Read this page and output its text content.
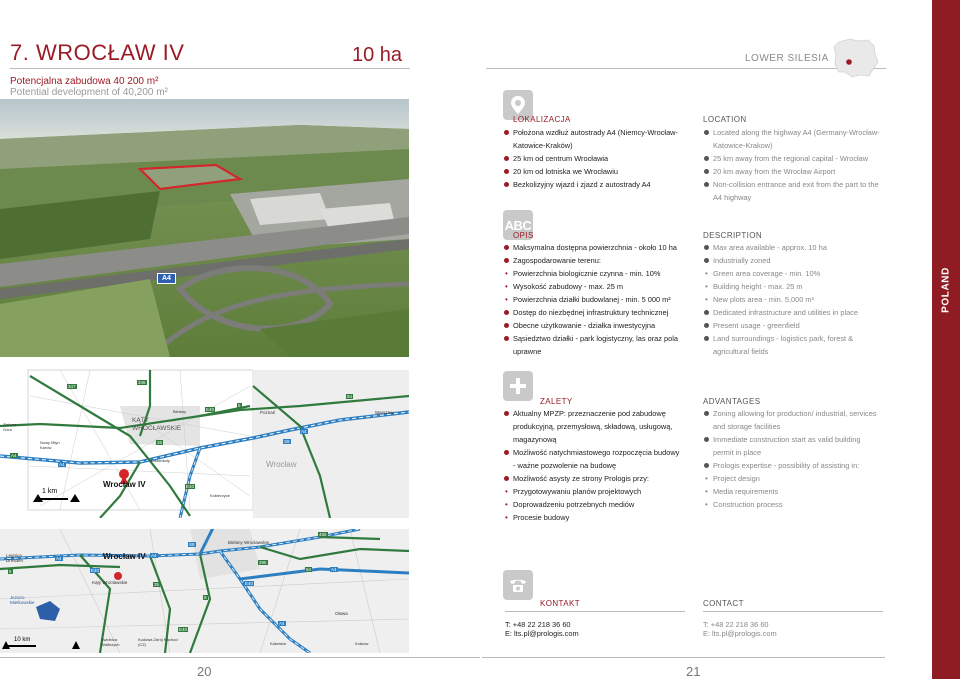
7. WROCŁAW IV	10 ha	LOWER SILESIA
Potencjalna zabudowa 40 200 m²
Potential development of 40,200 m²
POLAND
A4
ABC
LOKALIZACJA	LOCATION
Położona wzdłuż autostrady A4 (Niemcy-Wrocław-
Katowice-Kraków)
25 km od centrum Wrocławia
20 km od lotniska we Wrocławiu
Bezkolizyjny wjazd i zjazd z autostrady A4
Located along the highway A4 (Germany-Wrocław-
Katowice-Krakow)
25 km away from the regional capital - Wrocław
20 km away from the Wrocław Airport
Non-collision entrance and exit from the part to the
A4 highway
OPIS	DESCRIPTION
Maksymalna dostępna powierzchnia - około 10 ha
Zagospodarowanie terenu:
• Powierzchnia biologicznie czynna - min. 10%
• Wysokość zabudowy - max. 25 m
• Powierzchnia działki budowlanej - min. 5 000 m²
Dostęp do niezbędnej infrastruktury technicznej
Obecne użytkowanie - działka inwestycyjna
Sąsiedztwo działki - park logistyczny, las oraz pola
uprawne
Max area available - approx. 10 ha
Industrially zoned
• Green area coverage - min. 10%
• Building height - max. 25 m
• New plots area - min. 5,000 m²
Dedicated infrastructure and utilities in place
Present usage - greenfield
Land surroundings - logistics park, forest &
agricultural fields
ZALETY	ADVANTAGES
Aktualny MPZP: przeznaczenie pod zabudowę
produkcyjną, przemysłową, składową, usługową,
magazynową
Możliwość natychmiastowego rozpoczęcia budowy
- ważne pozwolenie na budowę
Możliwość asysty ze strony Prologis przy:
• Przygotowywaniu planów projektowych
• Doprowadzeniu potrzebnych mediów
• Procesie budowy
Zoning allowing for production/ industrial, services
and storage facilities
Immediate construction start as valid building
permit in place
Prologis expertise - possibility of assisting in:
• Project design
• Media requirements
• Construction process
KONTAKT	CONTACT
T: +48 22 218 36 60
E: lts.pl@prologis.com
T: +48 22 218 36 60
E: lts.pl@prologis.com
1 km
Wrocław IV
KĄTY WROCŁAWSKIE
Zielona Góra
Nowy Młyn Karów
Poznań	Warszaw
Wrocław
Bielany
Kostomłoty
Kobierzyce
A4
A4
A4
347
346
94
5
35	S8
E40
E40
10 km
Wrocław IV
Legnica Dresden
Bielany Wrocławskie
Kąty Wrocławskie
Jezioro Mietkowskie
Oława
Świdnica Wałbrzych
Kudowa Zdrój Nachod (CZ)	Katowice	Kraków
A4
A4
A4
A4
5
8
35
94
395
455
E40
E40
E40
S8
20	21
